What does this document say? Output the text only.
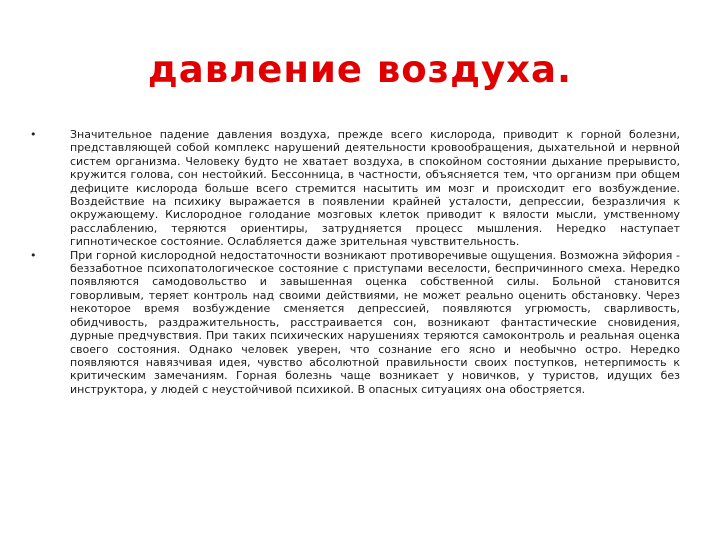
давление воздуха.
•	Значительное падение давления воздуха, прежде всего кислорода, приводит к горной болезни, представляющей собой комплекс нарушений деятельности кровообращения, дыхательной и нервной систем организма. Человеку будто не хватает воздуха, в спокойном состоянии дыхание прерывисто, кружится голова, сон нестойкий. Бессонница, в частности, объясняется тем, что организм при общем дефиците кислорода больше всего стремится насытить им мозг и происходит его возбуждение. Воздействие на психику выражается в появлении крайней усталости, депрессии, безразличия к окружающему. Кислородное голодание мозговых клеток приводит к вялости мысли, умственному расслаблению, теряются ориентиры, затрудняется процесс мышления. Нередко наступает гипнотическое состояние. Ослабляется даже зрительная чувствительность.
•	При горной кислородной недостаточности возникают противоречивые ощущения. Возможна эйфория - беззаботное психопатологическое состояние с приступами веселости, беспричинного смеха. Нередко появляются самодовольство и завышенная оценка собственной силы. Больной становится говорливым, теряет контроль над своими действиями, не может реально оценить обстановку. Через некоторое время возбуждение сменяется депрессией, появляются угрюмость, сварливость, обидчивость, раздражительность, расстраивается сон, возникают фантастические сновидения, дурные предчувствия. При таких психических нарушениях теряются самоконтроль и реальная оценка своего состояния. Однако человек уверен, что сознание его ясно и необычно остро. Нередко появляются навязчивая идея, чувство абсолютной правильности своих поступков, нетерпимость к критическим замечаниям. Горная болезнь чаще возникает у новичков, у туристов, идущих без инструктора, у людей с неустойчивой психикой. В опасных ситуациях она обостряется.
